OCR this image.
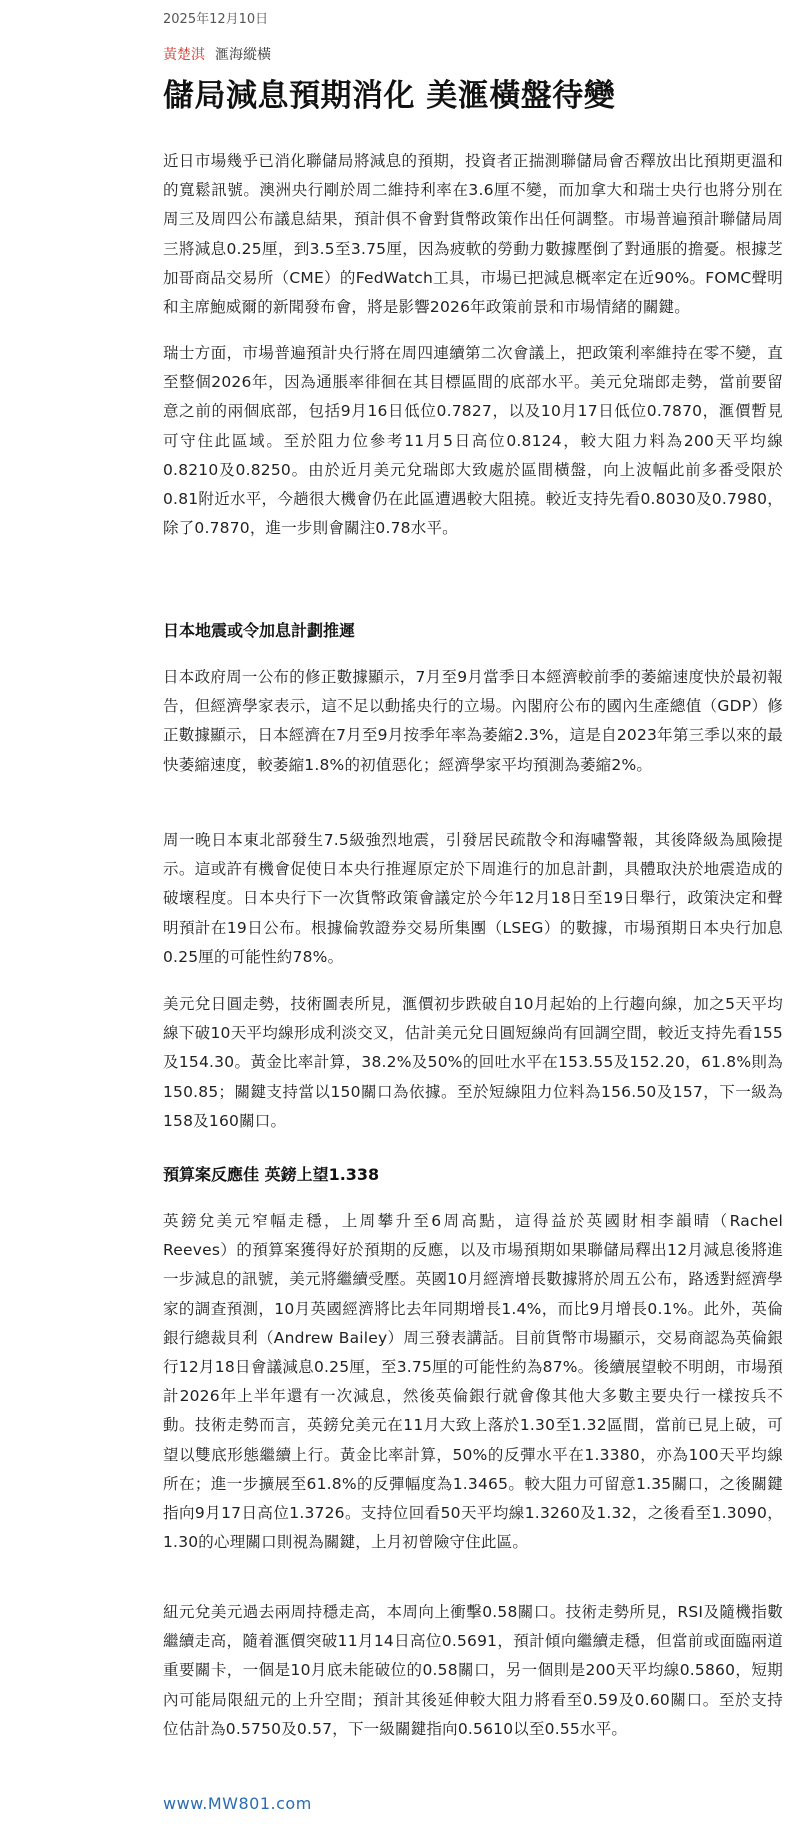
2025年12月10日
黃楚淇 滙海縱橫
儲局減息預期消化 美滙橫盤待變

近日市場幾乎已消化聯儲局將減息的預期，投資者正揣測聯儲局會否釋放出比預期更溫和的寬鬆訊號。澳洲央行剛於周二維持利率在3.6厘不變，而加拿大和瑞士央行也將分別在周三及周四公布議息結果，預計俱不會對貨幣政策作出任何調整。市場普遍預計聯儲局周三將減息0.25厘，到3.5至3.75厘，因為疲軟的勞動力數據壓倒了對通脹的擔憂。根據芝加哥商品交易所（CME）的FedWatch工具，市場已把減息概率定在近90%。FOMC聲明和主席鮑威爾的新聞發布會，將是影響2026年政策前景和市場情緒的關鍵。

瑞士方面，市場普遍預計央行將在周四連續第二次會議上，把政策利率維持在零不變，直至整個2026年，因為通脹率徘徊在其目標區間的底部水平。美元兌瑞郎走勢，當前要留意之前的兩個底部，包括9月16日低位0.7827，以及10月17日低位0.7870，滙價暫見可守住此區域。至於阻力位參考11月5日高位0.8124，較大阻力料為200天平均線0.8210及0.8250。由於近月美元兌瑞郎大致處於區間橫盤，向上波幅此前多番受限於0.81附近水平，今趟很大機會仍在此區遭遇較大阻撓。較近支持先看0.8030及0.7980，除了0.7870，進一步則會關注0.78水平。

日本地震或令加息計劃推遲

日本政府周一公布的修正數據顯示，7月至9月當季日本經濟較前季的萎縮速度快於最初報告，但經濟學家表示，這不足以動搖央行的立場。內閣府公布的國內生產總值（GDP）修正數據顯示，日本經濟在7月至9月按季年率為萎縮2.3%，這是自2023年第三季以來的最快萎縮速度，較萎縮1.8%的初值惡化；經濟學家平均預測為萎縮2%。

周一晚日本東北部發生7.5級強烈地震，引發居民疏散令和海嘯警報，其後降級為風險提示。這或許有機會促使日本央行推遲原定於下周進行的加息計劃，具體取決於地震造成的破壞程度。日本央行下一次貨幣政策會議定於今年12月18日至19日舉行，政策決定和聲明預計在19日公布。根據倫敦證券交易所集團（LSEG）的數據，市場預期日本央行加息0.25厘的可能性約78%。

美元兌日圓走勢，技術圖表所見，滙價初步跌破自10月起始的上行趨向線，加之5天平均線下破10天平均線形成利淡交叉，估計美元兌日圓短線尚有回調空間，較近支持先看155及154.30。黃金比率計算，38.2%及50%的回吐水平在153.55及152.20，61.8%則為150.85；關鍵支持當以150關口為依據。至於短線阻力位料為156.50及157，下一級為158及160關口。

預算案反應佳 英鎊上望1.338

英鎊兌美元窄幅走穩，上周攀升至6周高點，這得益於英國財相李韻晴（Rachel Reeves）的預算案獲得好於預期的反應，以及市場預期如果聯儲局釋出12月減息後將進一步減息的訊號，美元將繼續受壓。英國10月經濟增長數據將於周五公布，路透對經濟學家的調查預測，10月英國經濟將比去年同期增長1.4%，而比9月增長0.1%。此外，英倫銀行總裁貝利（Andrew Bailey）周三發表講話。目前貨幣市場顯示，交易商認為英倫銀行12月18日會議減息0.25厘，至3.75厘的可能性約為87%。後續展望較不明朗，市場預計2026年上半年還有一次減息，然後英倫銀行就會像其他大多數主要央行一樣按兵不動。技術走勢而言，英鎊兌美元在11月大致上落於1.30至1.32區間，當前已見上破，可望以雙底形態繼續上行。黃金比率計算，50%的反彈水平在1.3380，亦為100天平均線所在；進一步擴展至61.8%的反彈幅度為1.3465。較大阻力可留意1.35關口，之後關鍵指向9月17日高位1.3726。支持位回看50天平均線1.3260及1.32，之後看至1.3090，1.30的心理關口則視為關鍵，上月初曾險守住此區。

紐元兌美元過去兩周持穩走高，本周向上衝擊0.58關口。技術走勢所見，RSI及隨機指數繼續走高，隨着滙價突破11月14日高位0.5691，預計傾向繼續走穩，但當前或面臨兩道重要關卡，一個是10月底未能破位的0.58關口，另一個則是200天平均線0.5860，短期內可能局限紐元的上升空間；預計其後延伸較大阻力將看至0.59及0.60關口。至於支持位估計為0.5750及0.57，下一級關鍵指向0.5610以至0.55水平。

www.MW801.com
